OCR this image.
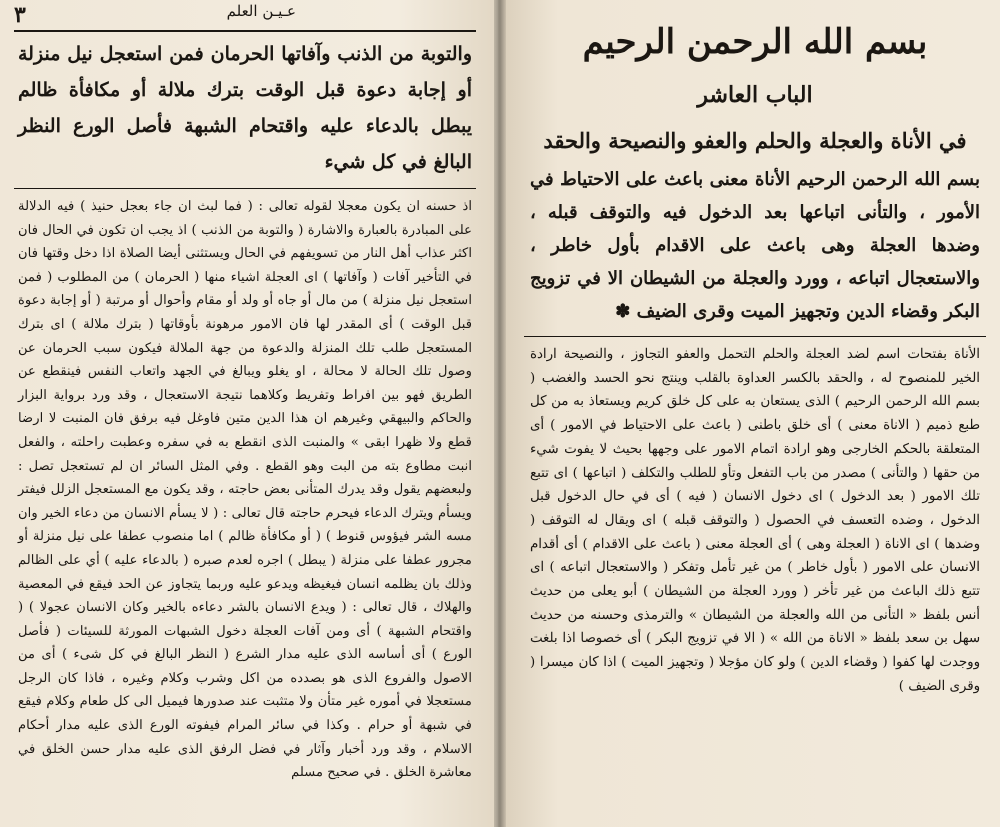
عـيـن العلم
٣
والتوبة من الذنب وآفاتها الحرمان فمن استعجل نيل منزلة أو إجابة دعوة قبل الوقت بترك ملالة أو مكافأة ظالم يبطل بالدعاء عليه واقتحام الشبهة فأصل الورع النظر البالغ في كل شيء
اذ حسنه ان يكون معجلا لقوله تعالى : ( فما لبث ان جاء بعجل حنيذ ) فيه الدلالة على المبادرة بالعبارة والاشارة ( والتوبة من الذنب ) اذ يجب ان تكون في الحال فان اكثر عذاب أهل النار من تسويفهم في الحال ويستثنى أيضا الصلاة اذا دخل وقتها فان في التأخير آفات ( وآفاتها ) اى العجلة اشياء منها ( الحرمان ) من المطلوب ( فمن استعجل نيل منزلة ) من مال أو جاه أو ولد أو مقام وأحوال أو مرتبة ( أو إجابة دعوة قبل الوقت ) أى المقدر لها فان الامور مرهونة بأوقاتها ( بترك ملالة ) اى بترك المستعجل طلب تلك المنزلة والدعوة من جهة الملالة فيكون سبب الحرمان عن وصول تلك الحالة لا محالة ، او يغلو ويبالغ في الجهد واتعاب النفس فينقطع عن الطريق فهو بين افراط وتفريط وكلاهما نتيجة الاستعجال ، وقد ورد برواية البزار والحاكم والبيهقي وغيرهم ان هذا الدين متين فاوغل فيه برفق فان المنبت لا ارضا قطع ولا ظهرا ابقى » والمنبت الذى انقطع به في سفره وعطبت راحلته ، والفعل انبت مطاوع بته من البت وهو القطع . وفي المثل السائر ان لم تستعجل تصل : ولبعضهم يقول وقد يدرك المتأنى بعض حاجته ، وقد يكون مع المستعجل الزلل فيفتر ويسأم ويترك الدعاء فيحرم حاجته قال تعالى : ( لا يسأم الانسان من دعاء الخير وان مسه الشر فيؤوس قنوط ) ( أو مكافأة ظالم ) اما منصوب عطفا على نيل منزلة أو مجرور عطفا على منزلة ( يبطل ) اجره لعدم صبره ( بالدعاء عليه ) أي على الظالم وذلك بان يظلمه انسان فيغيظه ويدعو عليه وربما يتجاوز عن الحد فيقع في المعصية والهلاك ، قال تعالى : ( ويدع الانسان بالشر دعاءه بالخير وكان الانسان عجولا ) ( واقتحام الشبهة ) أى ومن آفات العجلة دخول الشبهات المورثة للسيئات ( فأصل الورع ) أى أساسه الذى عليه مدار الشرع ( النظر البالغ في كل شىء ) أى من الاصول والفروع الذى هو بصدده من اكل وشرب وكلام وغيره ، فاذا كان الرجل مستعجلا في أموره غير متأن ولا متثبت عند صدورها فيميل الى كل طعام وكلام فيقع في شبهة أو حرام . وكذا في سائر المرام فيفوته الورع الذى عليه مدار أحكام الاسلام ، وقد ورد أخبار وآثار في فضل الرفق الذى عليه مدار حسن الخلق في معاشرة الخلق . في صحيح مسلم
بسم الله الرحمن الرحيم
الباب العاشر
في الأناة والعجلة والحلم والعفو والنصيحة والحقد
بسم الله الرحمن الرحيم الأناة معنى باعث على الاحتياط في الأمور ، والتأنى اتباعها بعد الدخول فيه والتوقف قبله ، وضدها العجلة وهى باعث على الاقدام بأول خاطر ، والاستعجال اتباعه ، وورد والعجلة من الشيطان الا في تزويج البكر وقضاء الدين وتجهيز الميت وقرى الضيف ✽
الأناة بفتحات اسم لضد العجلة والحلم التحمل والعفو التجاوز ، والنصيحة ارادة الخير للمنصوح له ، والحقد بالكسر العداوة بالقلب وينتج نحو الحسد والغضب ( بسم الله الرحمن الرحيم ) الذى يستعان به على كل خلق كريم ويستعاذ به من كل طبع ذميم ( الاناة معنى ) أى خلق باطنى ( باعث على الاحتياط في الامور ) أى المتعلقة بالحكم الخارجى وهو ارادة اتمام الامور على وجهها بحيث لا يفوت شيء من حقها ( والتأنى ) مصدر من باب التفعل وتأو للطلب والتكلف ( اتباعها ) اى تتبع تلك الامور ( بعد الدخول ) اى دخول الانسان ( فيه ) أى في حال الدخول قبل الدخول ، وضده التعسف في الحصول ( والتوقف قبله ) اى ويقال له التوقف ( وضدها ) اى الاناة ( العجلة وهى ) أى العجلة معنى ( باعث على الاقدام ) أى أقدام الانسان على الامور ( بأول خاطر ) من غير تأمل وتفكر ( والاستعجال اتباعه ) اى تتبع ذلك الباعث من غير تأخر ( وورد العجلة من الشيطان ) أبو يعلى من حديث أنس بلفظ « التأنى من الله والعجلة من الشيطان » والترمذى وحسنه من حديث سهل بن سعد بلفظ « الاناة من الله » ( الا في تزويج البكر ) أى خصوصا اذا بلغت ووجدت لها كفوا ( وقضاء الدين ) ولو كان مؤجلا ( وتجهيز الميت ) اذا كان ميسرا ( وقرى الضيف )
